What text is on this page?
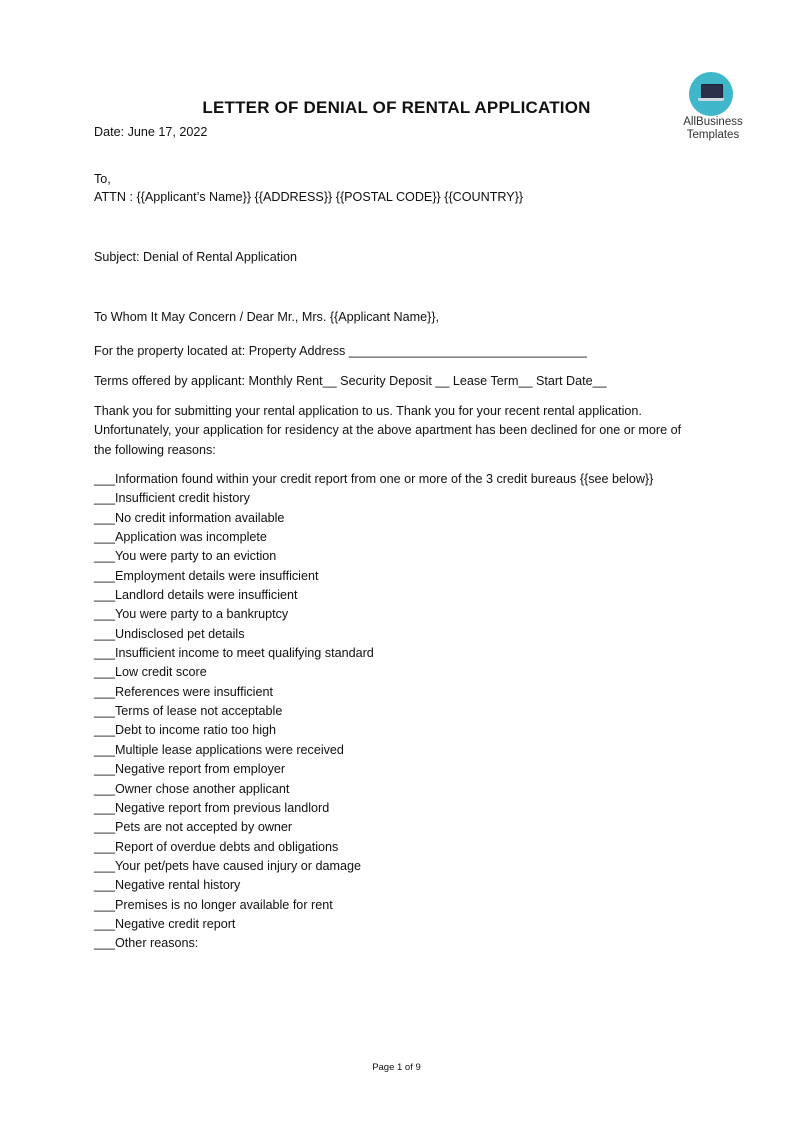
AllBusiness
Templates
LETTER OF DENIAL OF RENTAL APPLICATION
Date: June 17, 2022
To,
ATTN : {{Applicant’s Name}} {{ADDRESS}} {{POSTAL CODE}} {{COUNTRY}}
Subject: Denial of Rental Application
To Whom It May Concern / Dear Mr., Mrs. {{Applicant Name}},
For the property located at: Property Address __________________________________
Terms offered by applicant: Monthly Rent__ Security Deposit __ Lease Term__ Start Date__
Thank you for submitting your rental application to us. Thank you for your recent rental application. Unfortunately, your application for residency at the above apartment has been declined for one or more of the following reasons:
___Information found within your credit report from one or more of the 3 credit bureaus {{see below}}
___Insufficient credit history
___No credit information available
___Application was incomplete
___You were party to an eviction
___Employment details were insufficient
___Landlord details were insufficient
___You were party to a bankruptcy
___Undisclosed pet details
___Insufficient income to meet qualifying standard
___Low credit score
___References were insufficient
___Terms of lease not acceptable
___Debt to income ratio too high
___Multiple lease applications were received
___Negative report from employer
___Owner chose another applicant
___Negative report from previous landlord
___Pets are not accepted by owner
___Report of overdue debts and obligations
___Your pet/pets have caused injury or damage
___Negative rental history
___Premises is no longer available for rent
___Negative credit report
___Other reasons:
Page 1 of 9
